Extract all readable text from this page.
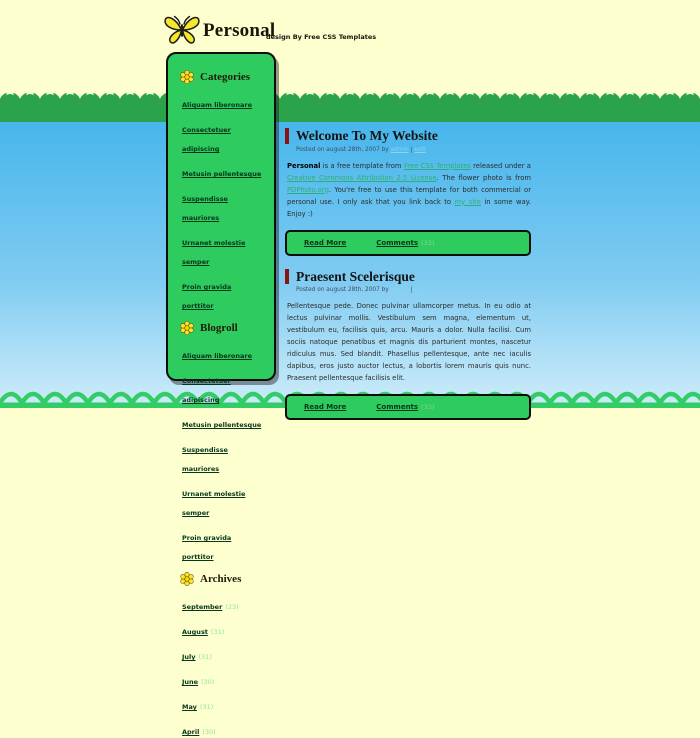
Personal
design By Free CSS Templates
Categories
Aliquam liberonare
Consectetuer adipiscing
Metusin pellentesque
Suspendisse mauriores
Urnanet molestie semper
Proin gravida porttitor
Blogroll
Aliquam liberonare
Consectetuer adipiscing
Metusin pellentesque
Suspendisse mauriores
Urnanet molestie semper
Proin gravida porttitor
Archives
September (23)
August (31)
July (31)
June (30)
May (31)
April (30)
Welcome To My Website
Posted on august 28th, 2007 by admin | edit

Personal is a free template from Free CSS Templates released under a Creative Commons Attribution 2.5 License. The flower photo is from PDPhoto.org. You're free to use this template for both commercial or personal use. I only ask that you link back to my site in some way. Enjoy :)

Read More	Comments (33)
Praesent Scelerisque
Posted on august 28th, 2007 by admin | edit

Pellentesque pede. Donec pulvinar ullamcorper metus. In eu odio at lectus pulvinar mollis. Vestibulum sem magna, elementum ut, vestibulum eu, facilisis quis, arcu. Mauris a dolor. Nulla facilisi. Cum sociis natoque penatibus et magnis dis parturient montes, nascetur ridiculus mus. Sed blandit. Phasellus pellentesque, ante nec iaculis dapibus, eros justo auctor lectus, a lobortis lorem mauris quis nunc. Praesent pellentesque facilisis elit.

Read More	Comments (33)
